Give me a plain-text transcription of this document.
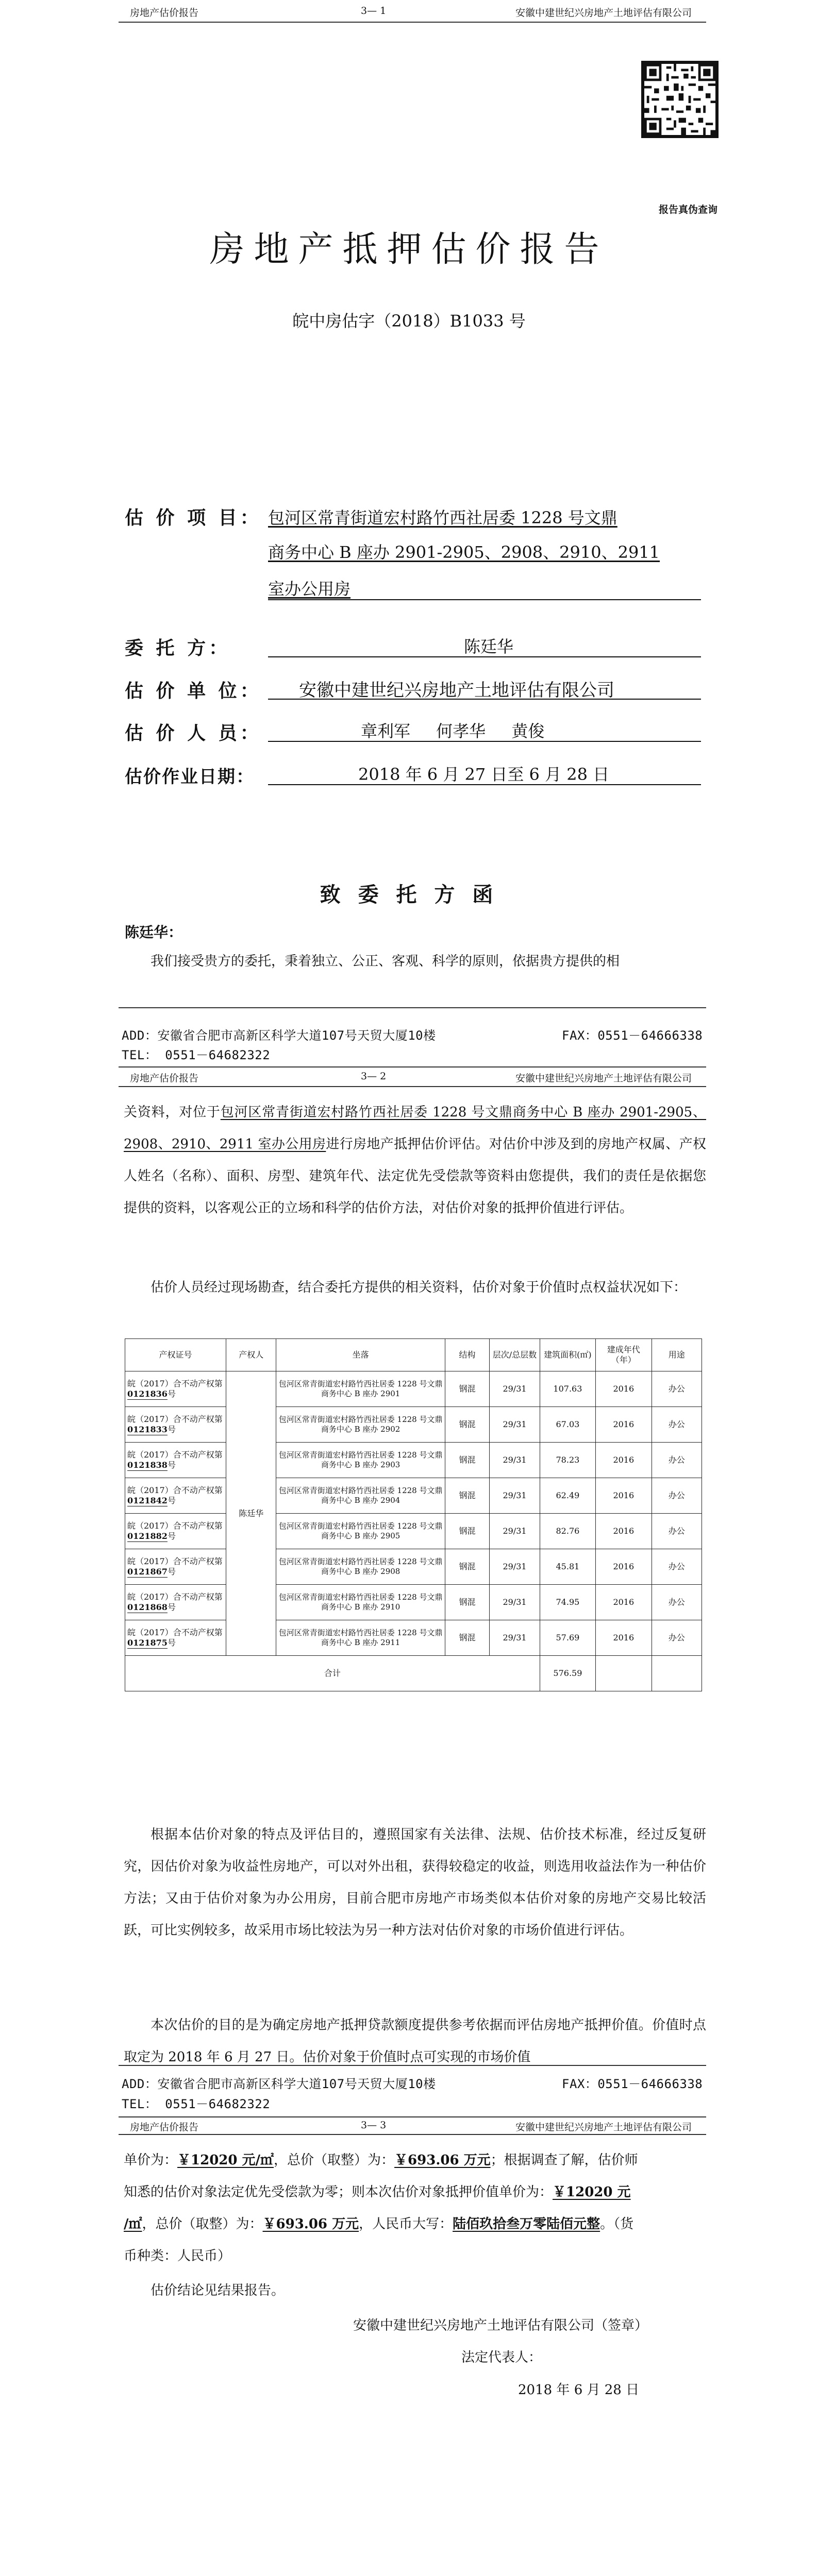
房地产估价报告	3— 1	安徽中建世纪兴房地产土地评估有限公司
报告真伪查询
房地产抵押估价报告
皖中房估字（2018）B1033 号
估 价 项 目： 包河区常青街道宏村路竹西社居委 1228 号文鼎
商务中心 B 座办 2901-2905、2908、2910、2911
室办公用房
委 托 方：	陈廷华
估 价 单 位： 安徽中建世纪兴房地产土地评估有限公司
估 价 人 员：	章利军 何孝华 黄俊
估价作业日期：	2018 年 6 月 27 日至 6 月 28 日
致 委 托 方 函
陈廷华：
我们接受贵方的委托，秉着独立、公正、客观、科学的原则，依据贵方提供的相
ADD：安徽省合肥市高新区科学大道107号天贸大厦10楼	FAX：0551－64666338
TEL： 0551－64682322
房地产估价报告	3— 2	安徽中建世纪兴房地产土地评估有限公司
关资料，对位于包河区常青街道宏村路竹西社居委 1228 号文鼎商务中心 B 座办 2901-2905、2908、2910、2911 室办公用房进行房地产抵押估价评估。对估价中涉及到的房地产权属、产权人姓名（名称）、面积、房型、建筑年代、法定优先受偿款等资料由您提供，我们的责任是依据您提供的资料，以客观公正的立场和科学的估价方法，对估价对象的抵押价值进行评估。
估价人员经过现场勘查，结合委托方提供的相关资料，估价对象于价值时点权益状况如下：
产权证号	产权人	坐落	结构	层次/总层数	建筑面积(㎡)	建成年代（年）	用途
皖（2017）合不动产权第0121836号	陈廷华	包河区常青街道宏村路竹西社居委 1228 号文鼎商务中心 B 座办 2901	钢混	29/31	107.63	2016	办公
皖（2017）合不动产权第0121833号		包河区常青街道宏村路竹西社居委 1228 号文鼎商务中心 B 座办 2902	钢混	29/31	67.03	2016	办公
皖（2017）合不动产权第0121838号		包河区常青街道宏村路竹西社居委 1228 号文鼎商务中心 B 座办 2903	钢混	29/31	78.23	2016	办公
皖（2017）合不动产权第0121842号		包河区常青街道宏村路竹西社居委 1228 号文鼎商务中心 B 座办 2904	钢混	29/31	62.49	2016	办公
皖（2017）合不动产权第0121882号		包河区常青街道宏村路竹西社居委 1228 号文鼎商务中心 B 座办 2905	钢混	29/31	82.76	2016	办公
皖（2017）合不动产权第0121867号		包河区常青街道宏村路竹西社居委 1228 号文鼎商务中心 B 座办 2908	钢混	29/31	45.81	2016	办公
皖（2017）合不动产权第0121868号		包河区常青街道宏村路竹西社居委 1228 号文鼎商务中心 B 座办 2910	钢混	29/31	74.95	2016	办公
皖（2017）合不动产权第0121875号		包河区常青街道宏村路竹西社居委 1228 号文鼎商务中心 B 座办 2911	钢混	29/31	57.69	2016	办公
合计					576.59		
根据本估价对象的特点及评估目的，遵照国家有关法律、法规、估价技术标准，经过反复研究，因估价对象为收益性房地产，可以对外出租，获得较稳定的收益，则选用收益法作为一种估价方法；又由于估价对象为办公用房，目前合肥市房地产市场类似本估价对象的房地产交易比较活跃，可比实例较多，故采用市场比较法为另一种方法对估价对象的市场价值进行评估。
本次估价的目的是为确定房地产抵押贷款额度提供参考依据而评估房地产抵押价值。价值时点取定为 2018 年 6 月 27 日。估价对象于价值时点可实现的市场价值
ADD：安徽省合肥市高新区科学大道107号天贸大厦10楼	FAX：0551－64666338
TEL： 0551－64682322
房地产估价报告	3— 3	安徽中建世纪兴房地产土地评估有限公司
单价为：￥12020 元/㎡，总价（取整）为：￥693.06 万元；根据调查了解，估价师
知悉的估价对象法定优先受偿款为零；则本次估价对象抵押价值单价为：￥12020 元
/㎡，总价（取整）为：￥693.06 万元，人民币大写：陆佰玖拾叁万零陆佰元整。（货
币种类：人民币）
估价结论见结果报告。
安徽中建世纪兴房地产土地评估有限公司（签章）
法定代表人：
2018 年 6 月 28 日
